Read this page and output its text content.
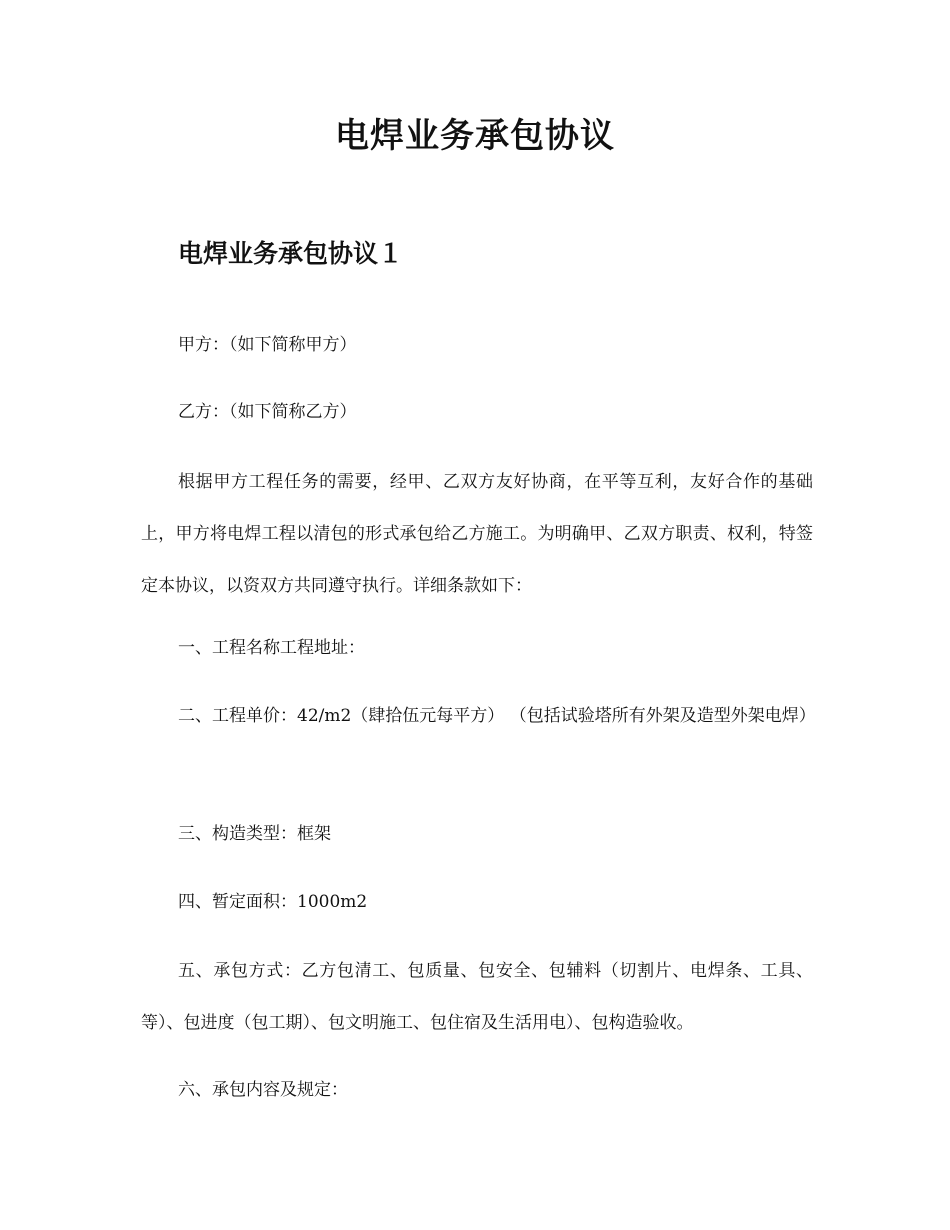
电焊业务承包协议
电焊业务承包协议１

甲方：（如下简称甲方）

乙方：（如下简称乙方）

根据甲方工程任务的需要，经甲、乙双方友好协商，在平等互利，友好合作的基础上，甲方将电焊工程以清包的形式承包给乙方施工。为明确甲、乙双方职责、权利，特签定本协议，以资双方共同遵守执行。详细条款如下：

一、工程名称工程地址：

二、工程单价：42/m2（肆拾伍元每平方） （包括试验塔所有外架及造型外架电焊）

三、构造类型：框架

四、暂定面积：1000m2

五、承包方式：乙方包清工、包质量、包安全、包辅料（切割片、电焊条、工具、等）、包进度（包工期）、包文明施工、包住宿及生活用电）、包构造验收。

六、承包内容及规定：
